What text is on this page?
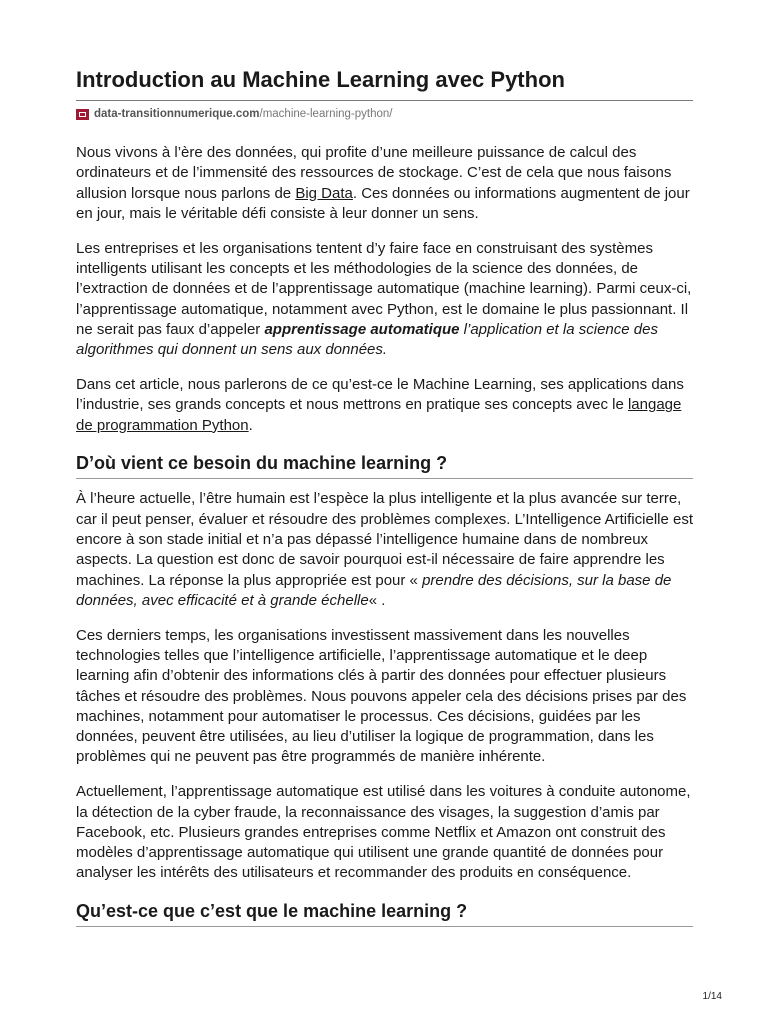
Introduction au Machine Learning avec Python
data-transitionnumerique.com /machine-learning-python/

Nous vivons à l’ère des données, qui profite d’une meilleure puissance de calcul des ordinateurs et de l’immensité des ressources de stockage. C’est de cela que nous faisons allusion lorsque nous parlons de Big Data. Ces données ou informations augmentent de jour en jour, mais le véritable défi consiste à leur donner un sens.

Les entreprises et les organisations tentent d’y faire face en construisant des systèmes intelligents utilisant les concepts et les méthodologies de la science des données, de l’extraction de données et de l’apprentissage automatique (machine learning). Parmi ceux-ci, l’apprentissage automatique, notamment avec Python, est le domaine le plus passionnant. Il ne serait pas faux d’appeler apprentissage automatique l’application et la science des algorithmes qui donnent un sens aux données.

Dans cet article, nous parlerons de ce qu’est-ce le Machine Learning, ses applications dans l’industrie, ses grands concepts et nous mettrons en pratique ses concepts avec le langage de programmation Python.

D’où vient ce besoin du machine learning ?

À l’heure actuelle, l’être humain est l’espèce la plus intelligente et la plus avancée sur terre, car il peut penser, évaluer et résoudre des problèmes complexes. L’Intelligence Artificielle est encore à son stade initial et n’a pas dépassé l’intelligence humaine dans de nombreux aspects. La question est donc de savoir pourquoi est-il nécessaire de faire apprendre les machines. La réponse la plus appropriée est pour « prendre des décisions, sur la base de données, avec efficacité et à grande échelle« .

Ces derniers temps, les organisations investissent massivement dans les nouvelles technologies telles que l’intelligence artificielle, l’apprentissage automatique et le deep learning afin d’obtenir des informations clés à partir des données pour effectuer plusieurs tâches et résoudre des problèmes. Nous pouvons appeler cela des décisions prises par des machines, notamment pour automatiser le processus. Ces décisions, guidées par les données, peuvent être utilisées, au lieu d’utiliser la logique de programmation, dans les problèmes qui ne peuvent pas être programmés de manière inhérente.

Actuellement, l’apprentissage automatique est utilisé dans les voitures à conduite autonome, la détection de la cyber fraude, la reconnaissance des visages, la suggestion d’amis par Facebook, etc. Plusieurs grandes entreprises comme Netflix et Amazon ont construit des modèles d’apprentissage automatique qui utilisent une grande quantité de données pour analyser les intérêts des utilisateurs et recommander des produits en conséquence.

Qu’est-ce que c’est que le machine learning ?
1/14
